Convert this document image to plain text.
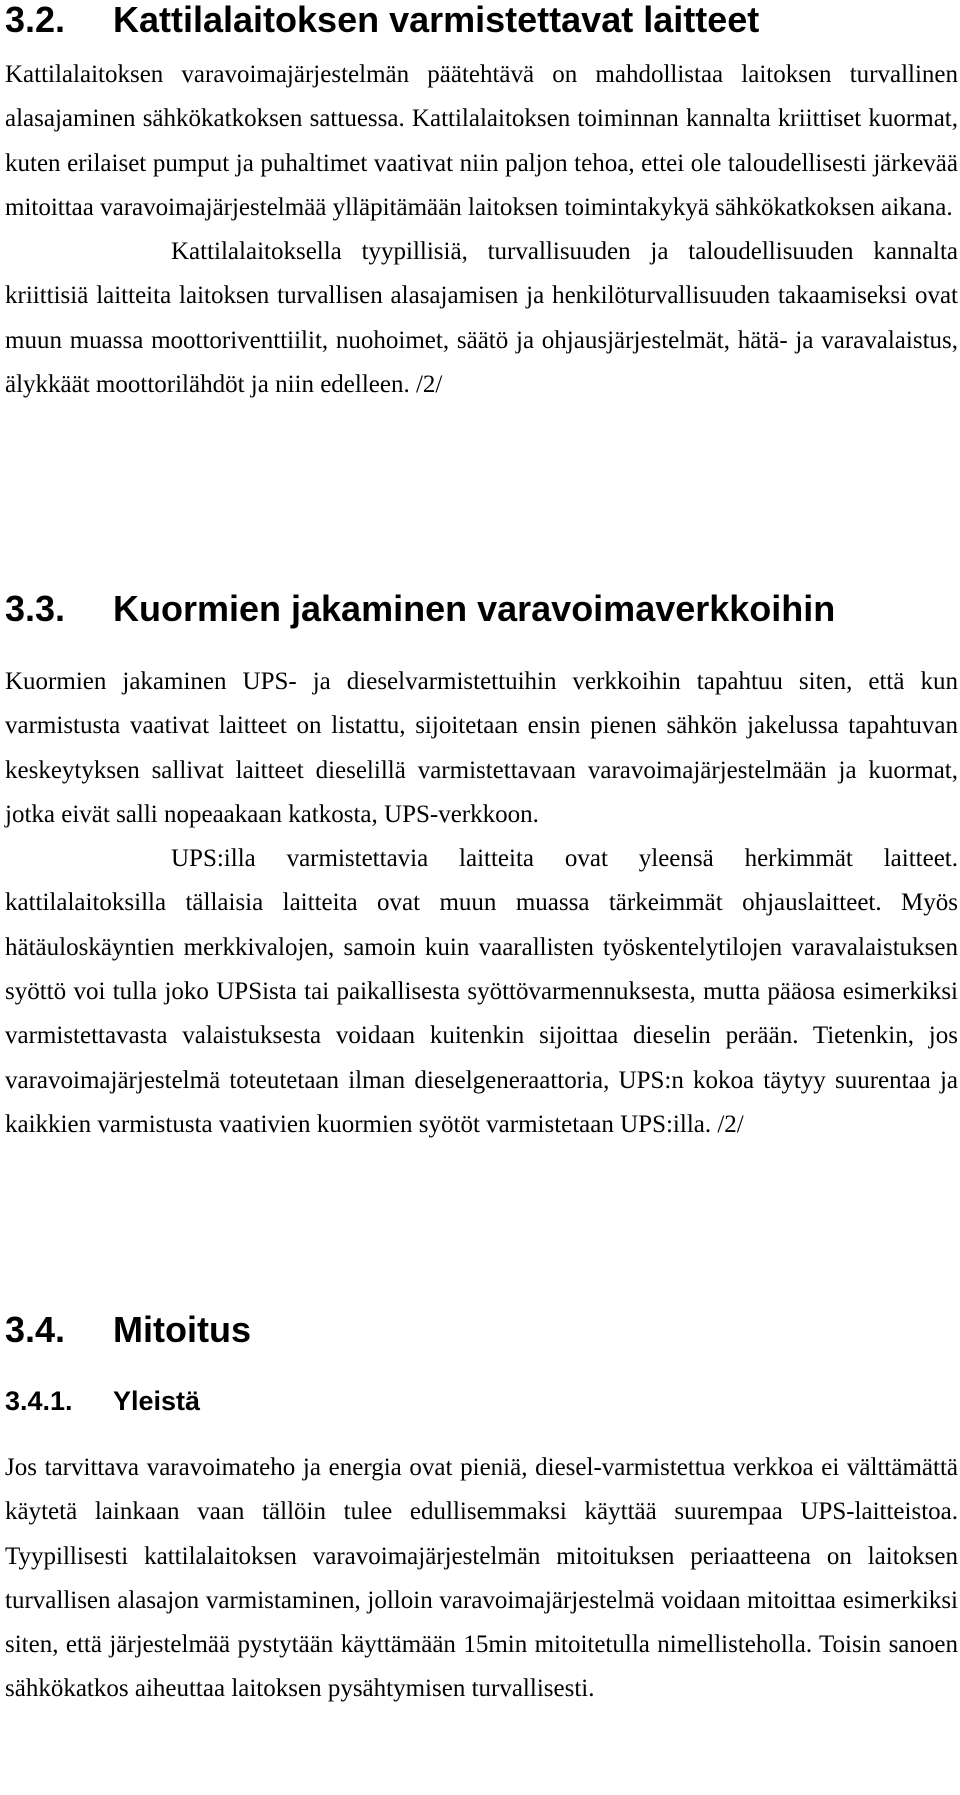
3.2.	Kattilalaitoksen varmistettavat laitteet

Kattilalaitoksen varavoimajärjestelmän päätehtävä on mahdollistaa laitoksen turvallinen alasajaminen sähkökatkoksen sattuessa. Kattilalaitoksen toiminnan kannalta kriittiset kuormat, kuten erilaiset pumput ja puhaltimet vaativat niin paljon tehoa, ettei ole taloudellisesti järkevää mitoittaa varavoimajärjestelmää ylläpitämään laitoksen toimintakykyä sähkökatkoksen aikana.

Kattilalaitoksella tyypillisiä, turvallisuuden ja taloudellisuuden kannalta kriittisiä laitteita laitoksen turvallisen alasajamisen ja henkilöturvallisuuden takaamiseksi ovat muun muassa moottoriventtiilit, nuohoimet, säätö ja ohjausjärjestelmät, hätä- ja varavalaistus, älykkäät moottorilähdöt ja niin edelleen. /2/

3.3.	Kuormien jakaminen varavoimaverkkoihin

Kuormien jakaminen UPS- ja dieselvarmistettuihin verkkoihin tapahtuu siten, että kun varmistusta vaativat laitteet on listattu, sijoitetaan ensin pienen sähkön jakelussa tapahtuvan keskeytyksen sallivat laitteet dieselillä varmistettavaan varavoimajärjestelmään ja kuormat, jotka eivät salli nopeaakaan katkosta, UPS-verkkoon.

UPS:illa varmistettavia laitteita ovat yleensä herkimmät laitteet. kattilalaitoksilla tällaisia laitteita ovat muun muassa tärkeimmät ohjauslaitteet. Myös hätäuloskäyntien merkkivalojen, samoin kuin vaarallisten työskentelytilojen varavalaistuksen syöttö voi tulla joko UPSista tai paikallisesta syöttövarmennuksesta, mutta pääosa esimerkiksi varmistettavasta valaistuksesta voidaan kuitenkin sijoittaa dieselin perään. Tietenkin, jos varavoimajärjestelmä toteutetaan ilman dieselgeneraattoria, UPS:n kokoa täytyy suurentaa ja kaikkien varmistusta vaativien kuormien syötöt varmistetaan UPS:illa. /2/

3.4.	Mitoitus
3.4.1.	Yleistä

Jos tarvittava varavoimateho ja energia ovat pieniä, diesel-varmistettua verkkoa ei välttämättä käytetä lainkaan vaan tällöin tulee edullisemmaksi käyttää suurempaa UPS-laitteistoa. Tyypillisesti kattilalaitoksen varavoimajärjestelmän mitoituksen periaatteena on laitoksen turvallisen alasajon varmistaminen, jolloin varavoimajärjestelmä voidaan mitoittaa esimerkiksi siten, että järjestelmää pystytään käyttämään 15min mitoitetulla nimellisteholla. Toisin sanoen sähkökatkos aiheuttaa laitoksen pysähtymisen turvallisesti.
